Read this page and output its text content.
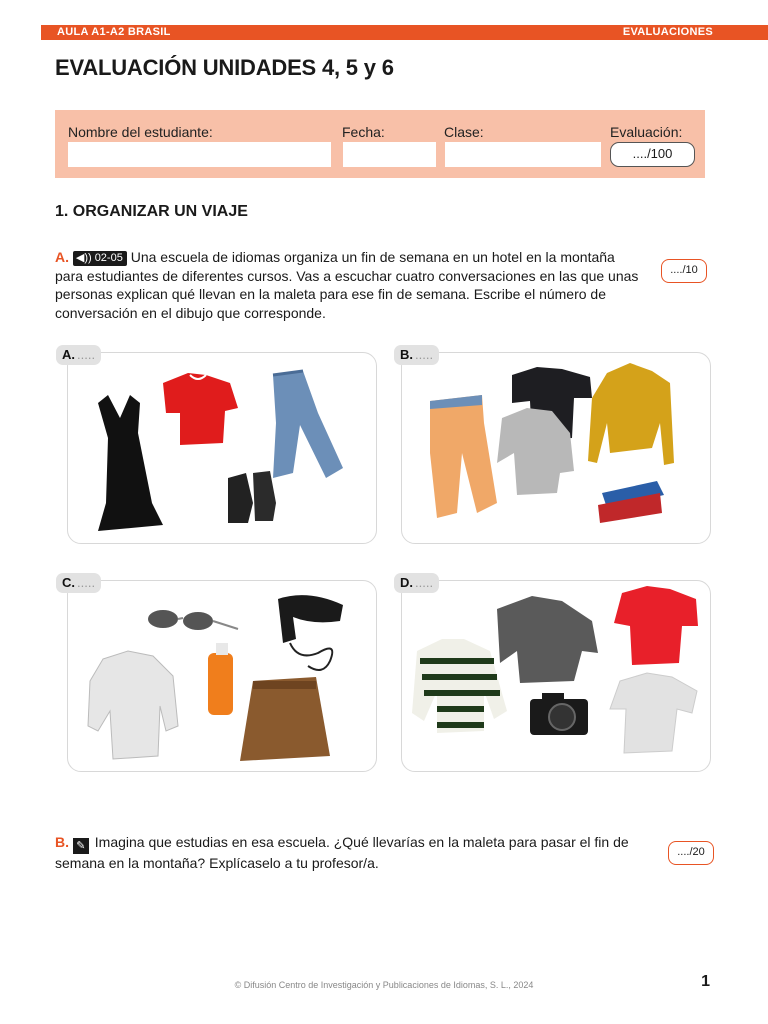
AULA A1-A2 BRASIL	EVALUACIONES
EVALUACIÓN UNIDADES 4, 5 y 6
Nombre del estudiante:	Fecha:	Clase:	Evaluación:
..../100
1. ORGANIZAR UN VIAJE
A. ◀)) 02-05 Una escuela de idiomas organiza un fin de semana en un hotel en la montaña para estudiantes de diferentes cursos. Vas a escuchar cuatro conversaciones en las que unas personas explican qué llevan en la maleta para ese fin de semana. Escribe el número de conversación en el dibujo que corresponde.
..../10
A. .....	B. .....
C. .....	D. .....
B. ✎ Imagina que estudias en esa escuela. ¿Qué llevarías en la maleta para pasar el fin de semana en la montaña? Explícaselo a tu profesor/a.
..../20
© Difusión Centro de Investigación y Publicaciones de Idiomas, S. L., 2024	1
